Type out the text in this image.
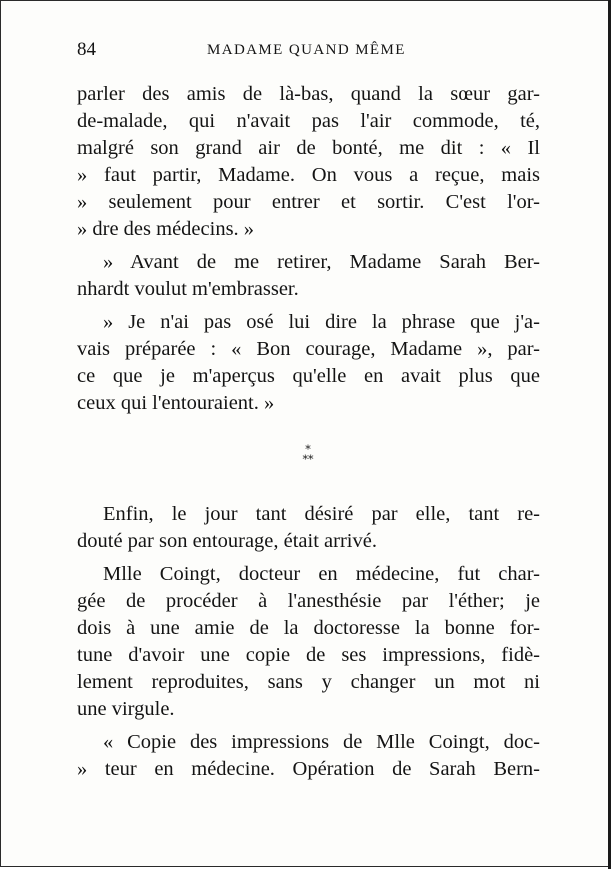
84	MADAME QUAND MÊME
parler des amis de là-bas, quand la sœur gar-
de-malade, qui n'avait pas l'air commode, té,
malgré son grand air de bonté, me dit : « Il
» faut partir, Madame. On vous a reçue, mais
» seulement pour entrer et sortir. C'est l'or-
» dre des médecins. »
» Avant de me retirer, Madame Sarah Ber-
nhardt voulut m'embrasser.
» Je n'ai pas osé lui dire la phrase que j'a-
vais préparée : « Bon courage, Madame », par-
ce que je m'aperçus qu'elle en avait plus que
ceux qui l'entouraient. »
*
**
Enfin, le jour tant désiré par elle, tant re-
douté par son entourage, était arrivé.
Mlle Coingt, docteur en médecine, fut char-
gée de procéder à l'anesthésie par l'éther; je
dois à une amie de la doctoresse la bonne for-
tune d'avoir une copie de ses impressions, fidè-
lement reproduites, sans y changer un mot ni
une virgule.
« Copie des impressions de Mlle Coingt, doc-
» teur en médecine. Opération de Sarah Bern-
